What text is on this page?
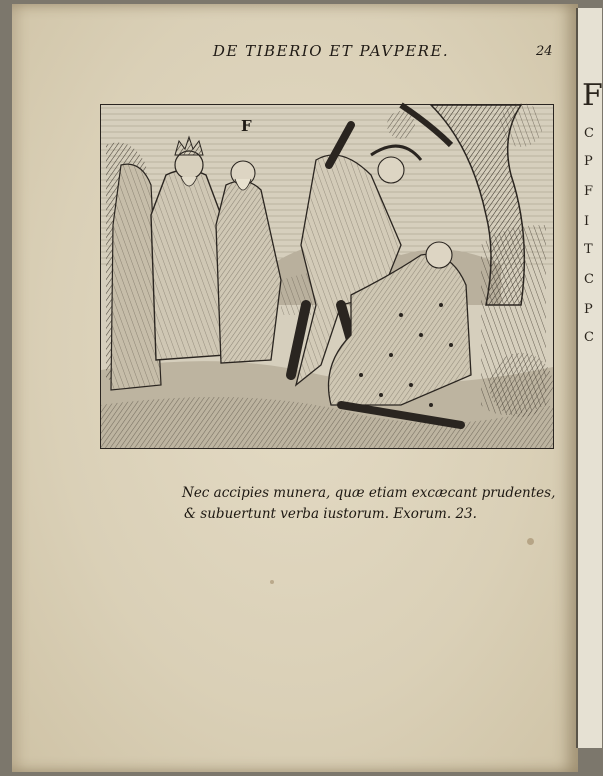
F
C
P
F
I
T
C
P
C
DE TIBERIO ET PAVPERE.	24
F
Nec accipies munera, quæ etiam excæcant prudentes,
& subuertunt verba iustorum. Exorum. 23.
